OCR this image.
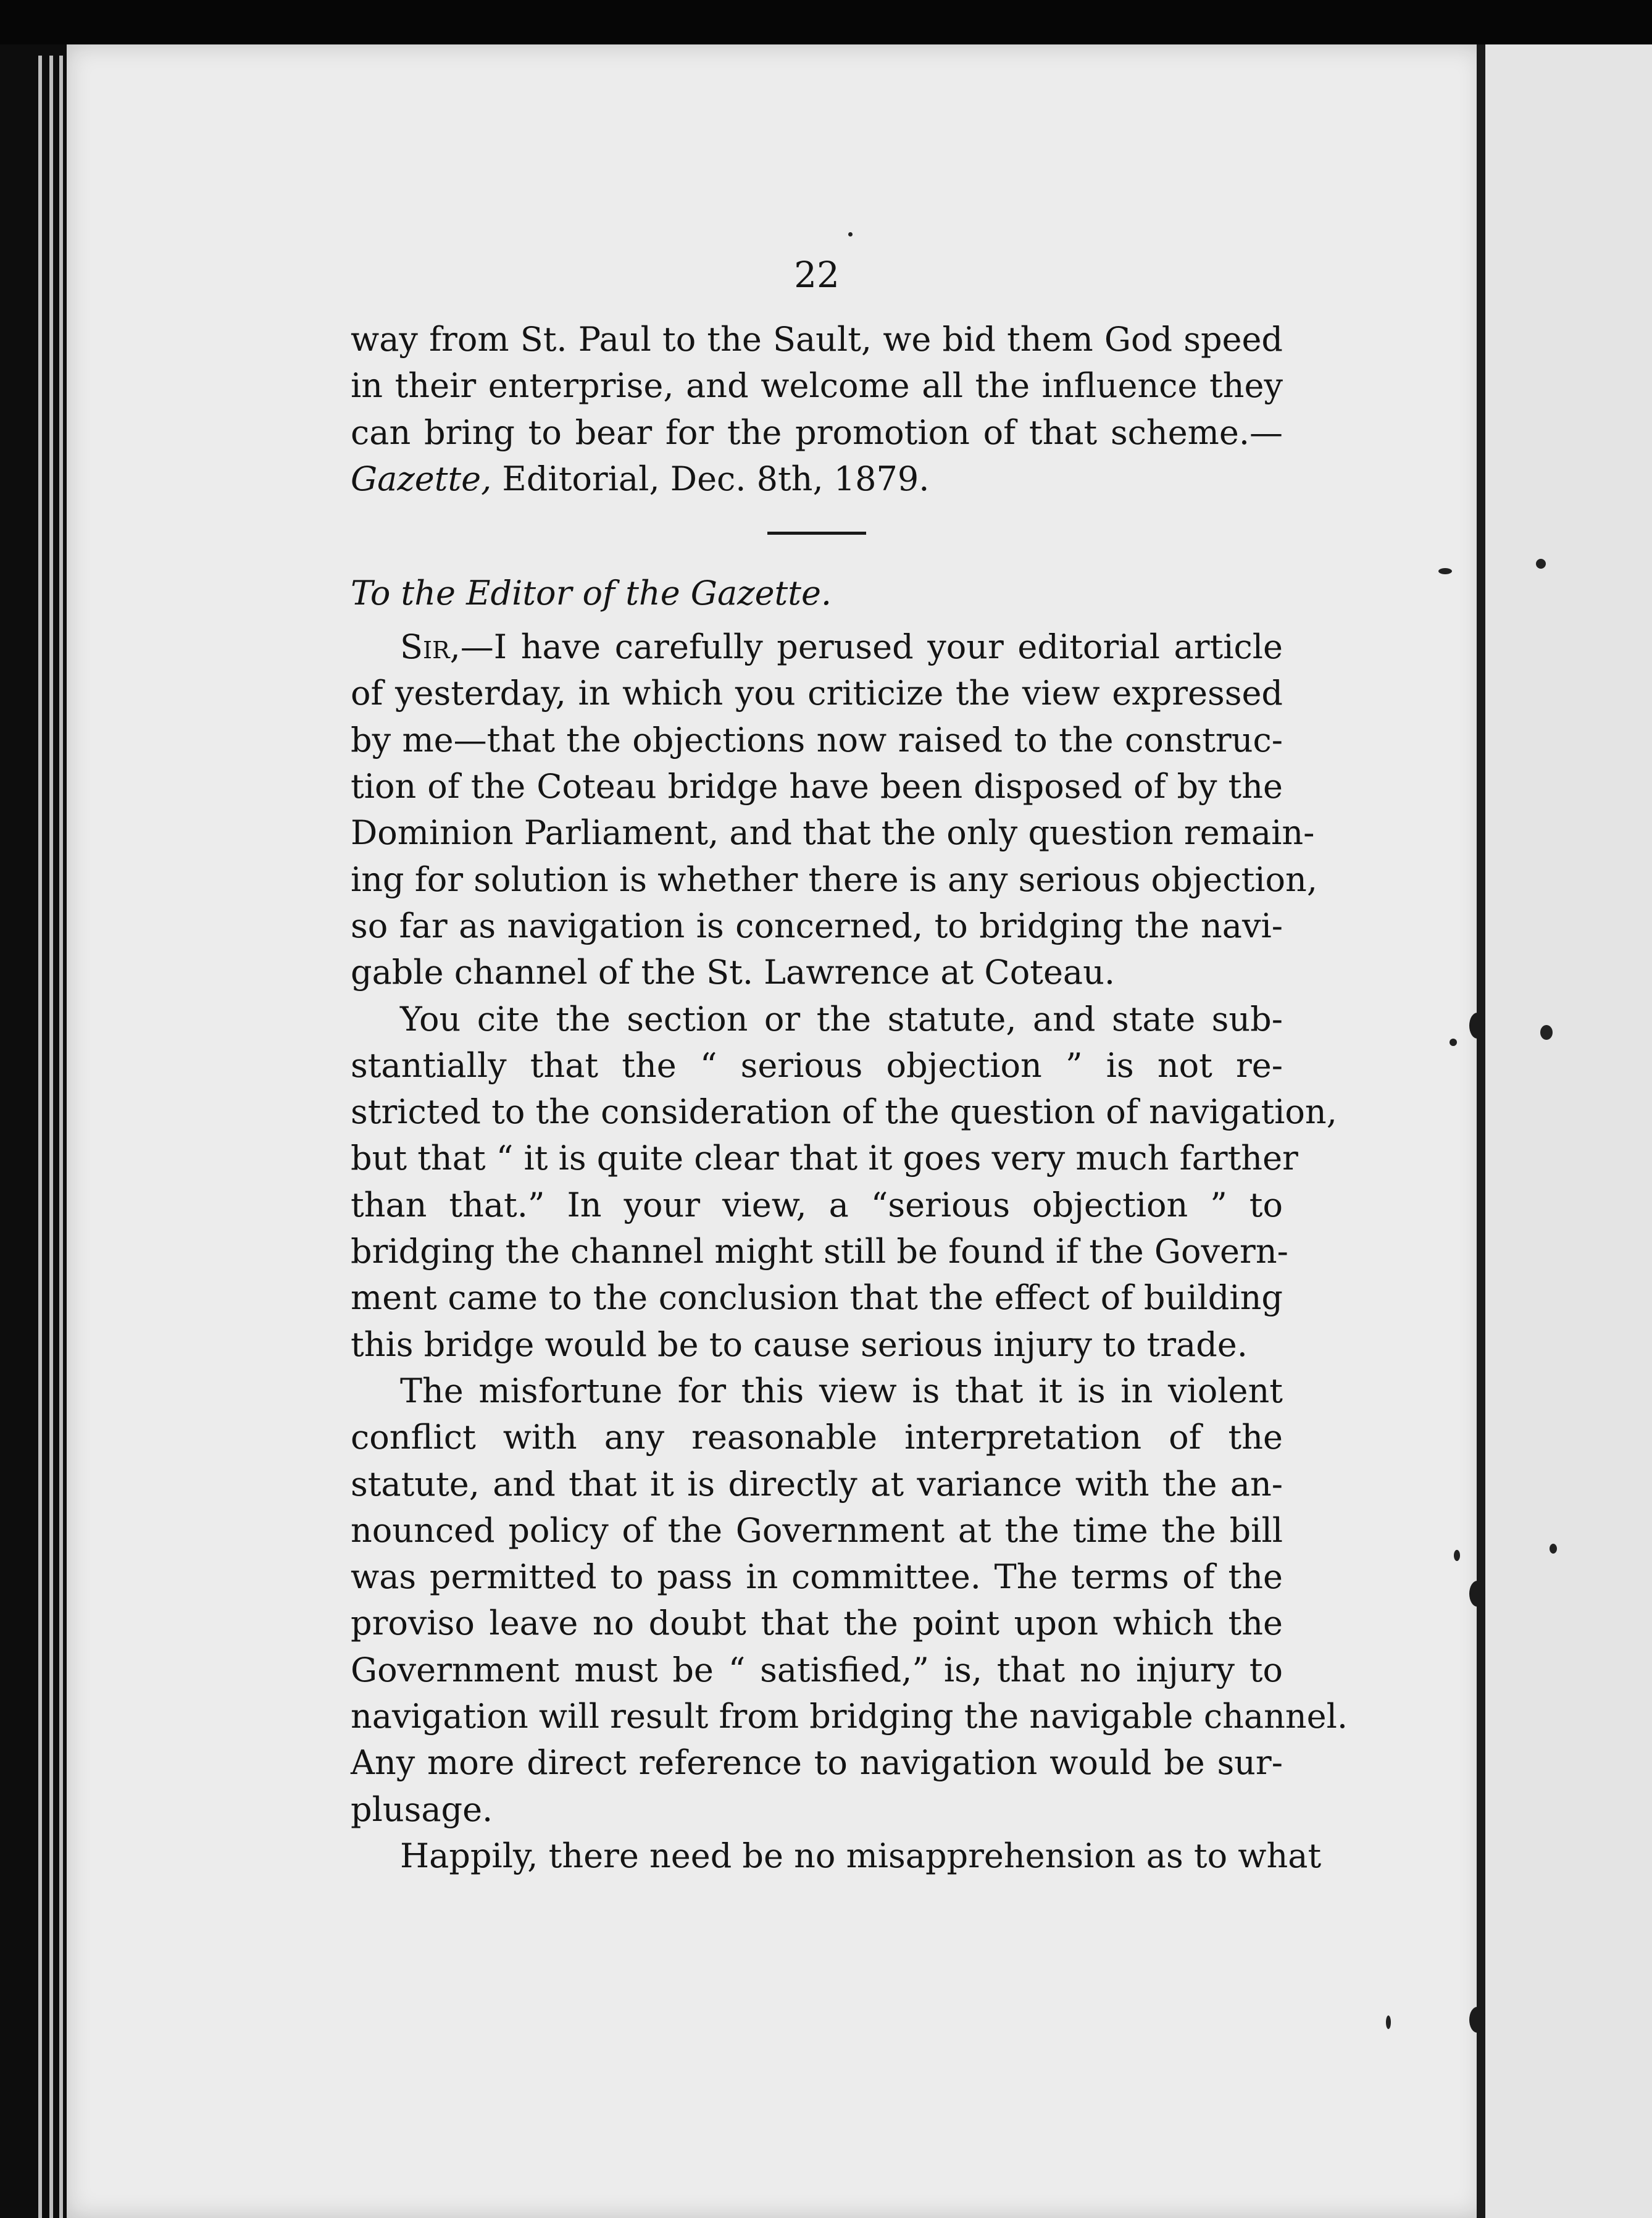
22
way from St. Paul to the Sault, we bid them God speed
in their enterprise, and welcome all the influence they
can bring to bear for the promotion of that scheme.—
Gazette, Editorial, Dec. 8th, 1879.
To the Editor of the Gazette.
Sir,—I have carefully perused your editorial article
of yesterday, in which you criticize the view expressed
by me—that the objections now raised to the construc-
tion of the Coteau bridge have been disposed of by the
Dominion Parliament, and that the only question remain-
ing for solution is whether there is any serious objection,
so far as navigation is concerned, to bridging the navi-
gable channel of the St. Lawrence at Coteau.
You cite the section or the statute, and state sub-
stantially that the “ serious objection ” is not re-
stricted to the consideration of the question of navigation,
but that “ it is quite clear that it goes very much farther
than that.” In your view, a “serious objection ” to
bridging the channel might still be found if the Govern-
ment came to the conclusion that the effect of building
this bridge would be to cause serious injury to trade.
The misfortune for this view is that it is in violent
conflict with any reasonable interpretation of the
statute, and that it is directly at variance with the an-
nounced policy of the Government at the time the bill
was permitted to pass in committee. The terms of the
proviso leave no doubt that the point upon which the
Government must be “ satisfied,” is, that no injury to
navigation will result from bridging the navigable channel.
Any more direct reference to navigation would be sur-
plusage.
Happily, there need be no misapprehension as to what
